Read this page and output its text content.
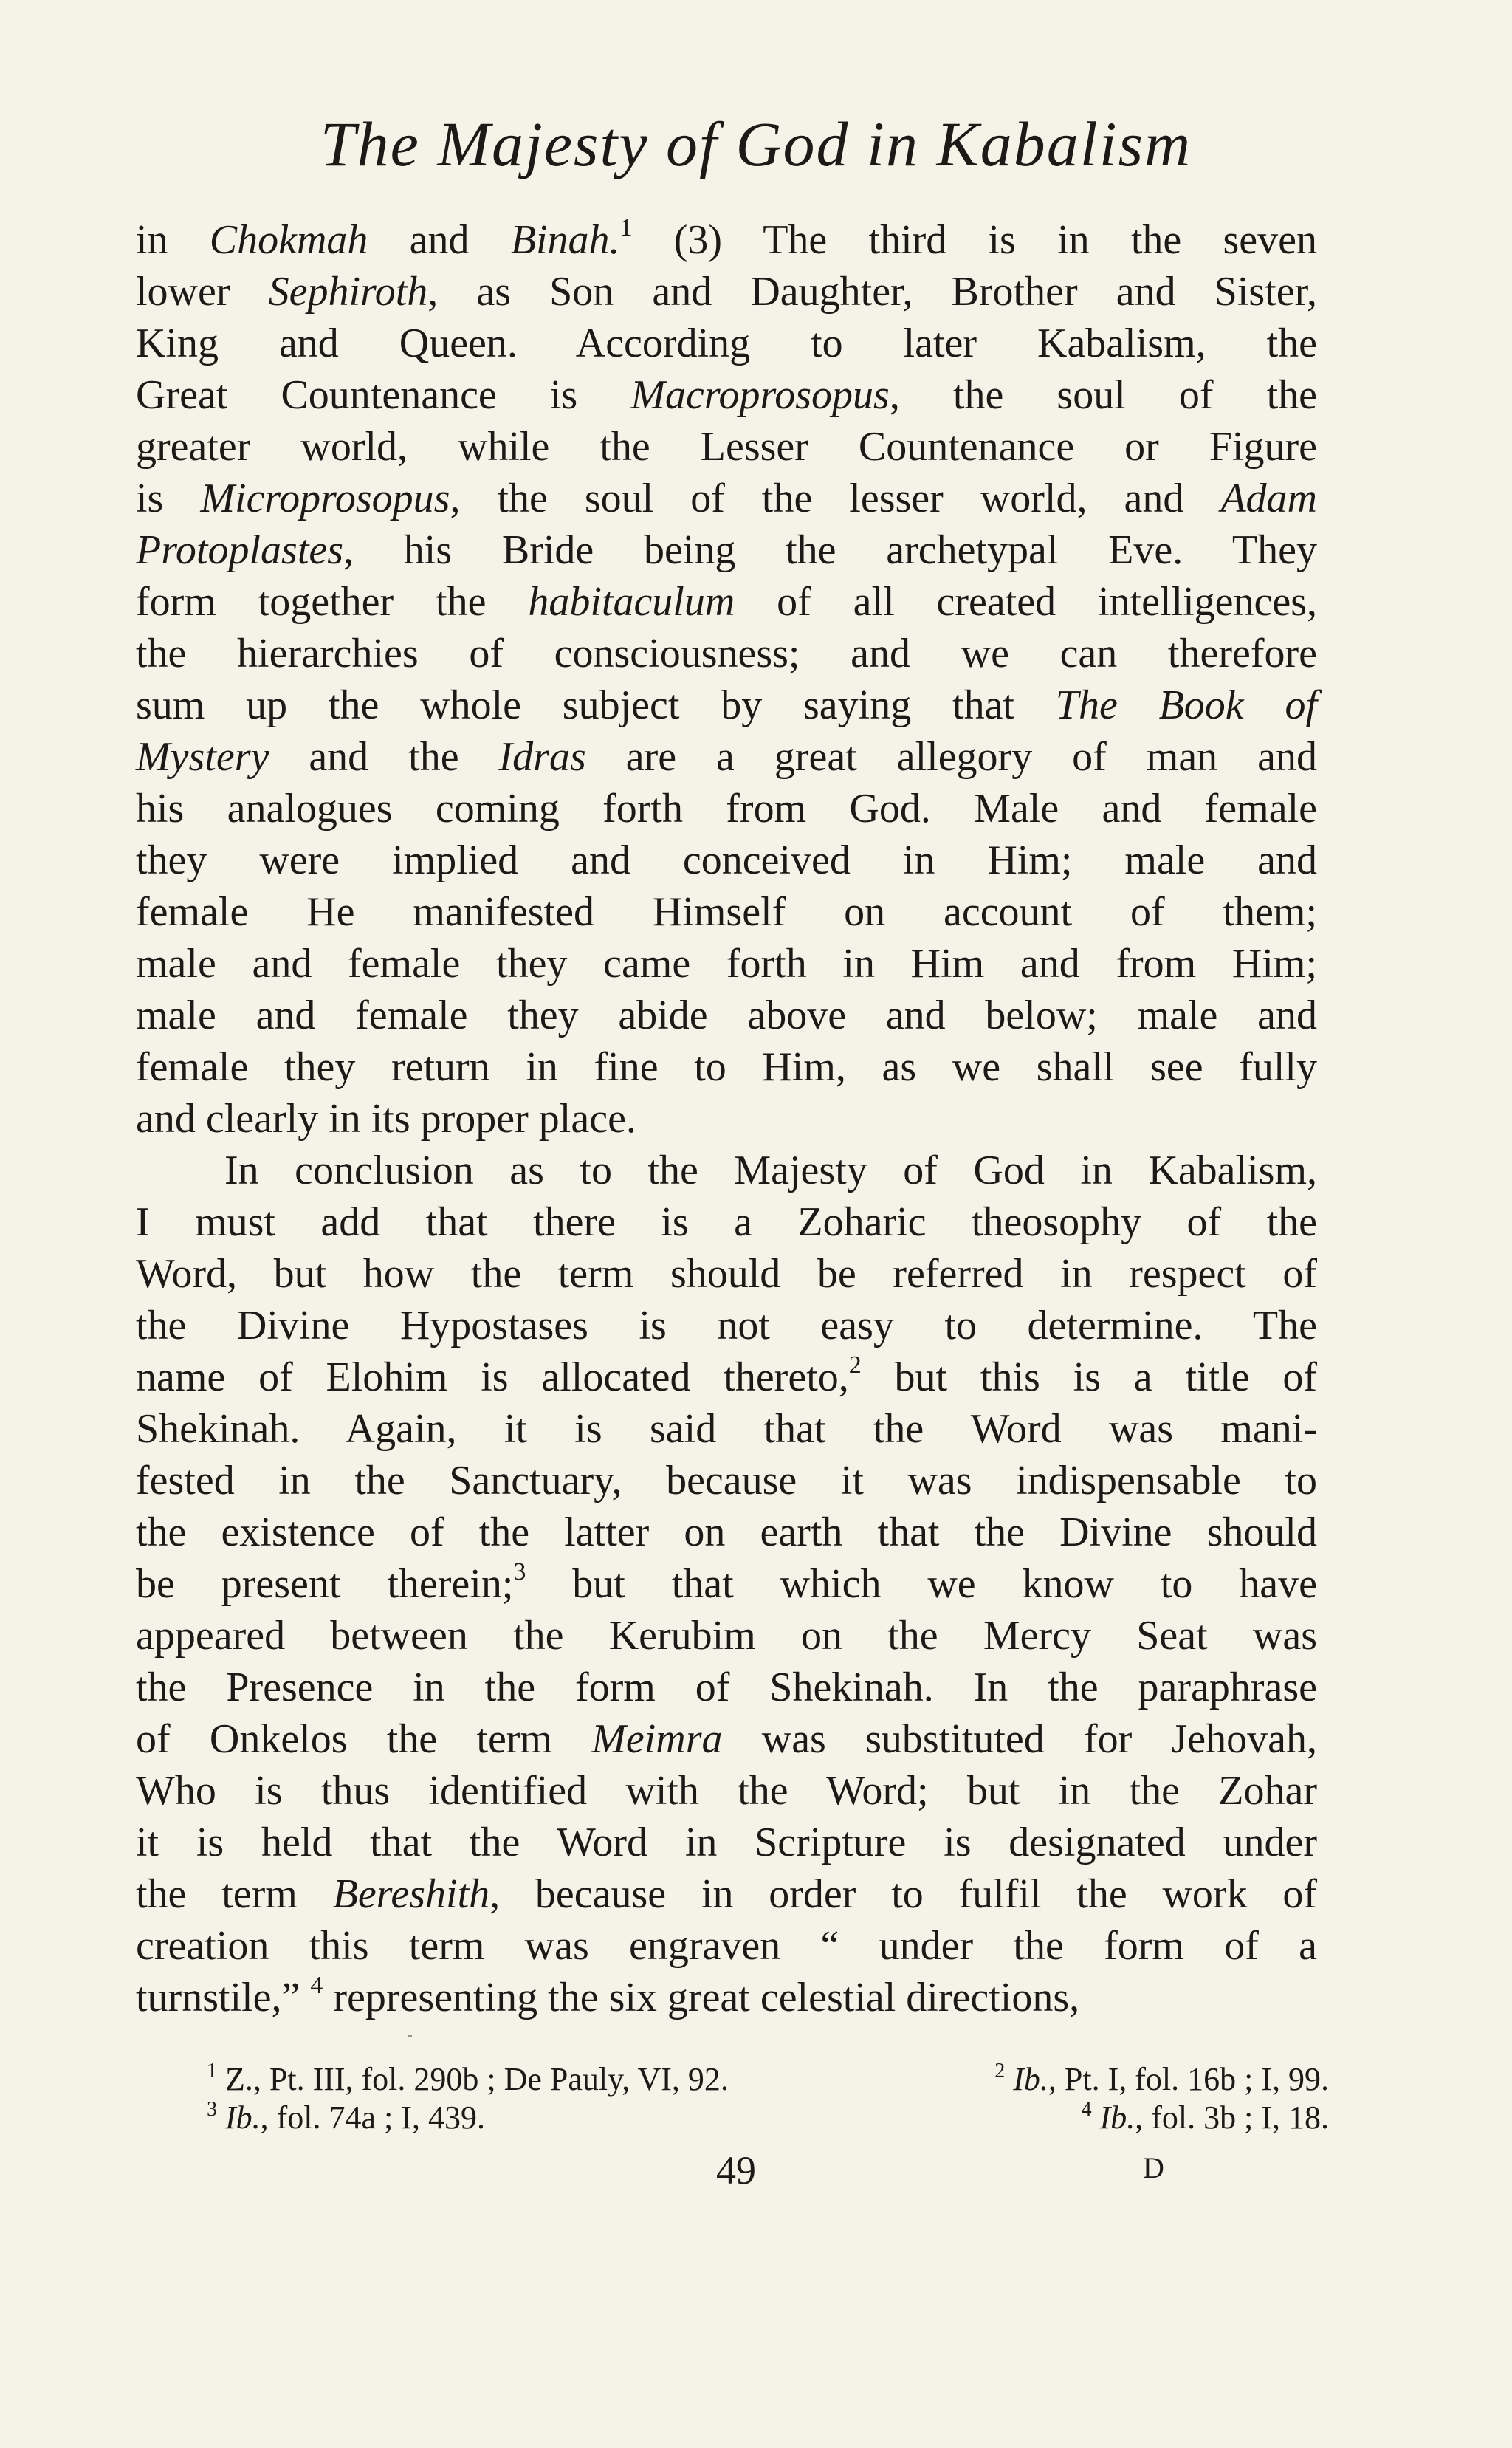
The Majesty of God in Kabalism
in Chokmah and Binah.$^1$ (3) The third is in the seven
lower Sephiroth, as Son and Daughter, Brother and Sister,
King and Queen. According to later Kabalism, the
Great Countenance is Macroprosopus, the soul of the
greater world, while the Lesser Countenance or Figure
is Microprosopus, the soul of the lesser world, and Adam
Protoplastes, his Bride being the archetypal Eve. They
form together the habitaculum of all created intelligences,
the hierarchies of consciousness; and we can therefore
sum up the whole subject by saying that The Book of
Mystery and the Idras are a great allegory of man and
his analogues coming forth from God. Male and female
they were implied and conceived in Him; male and
female He manifested Himself on account of them;
male and female they came forth in Him and from Him;
male and female they abide above and below; male and
female they return in fine to Him, as we shall see fully
and clearly in its proper place.
In conclusion as to the Majesty of God in Kabalism,
I must add that there is a Zoharic theosophy of the
Word, but how the term should be referred in respect of
the Divine Hypostases is not easy to determine. The
name of Elohim is allocated thereto,$^2$ but this is a title of
Shekinah. Again, it is said that the Word was mani-
fested in the Sanctuary, because it was indispensable to
the existence of the latter on earth that the Divine should
be present therein;$^3$ but that which we know to have
appeared between the Kerubim on the Mercy Seat was
the Presence in the form of Shekinah. In the paraphrase
of Onkelos the term Meimra was substituted for Jehovah,
Who is thus identified with the Word; but in the Zohar
it is held that the Word in Scripture is designated under
the term Bereshith, because in order to fulfil the work of
creation this term was engraven “ under the form of a
turnstile,” $^4$ representing the six great celestial directions,
$^1$ Z., Pt. III, fol. 290b ; De Pauly, VI, 92.	$^2$ Ib., Pt. I, fol. 16b ; I, 99.
$^3$ Ib., fol. 74a ; I, 439.	$^4$ Ib., fol. 3b ; I, 18.
49	D
